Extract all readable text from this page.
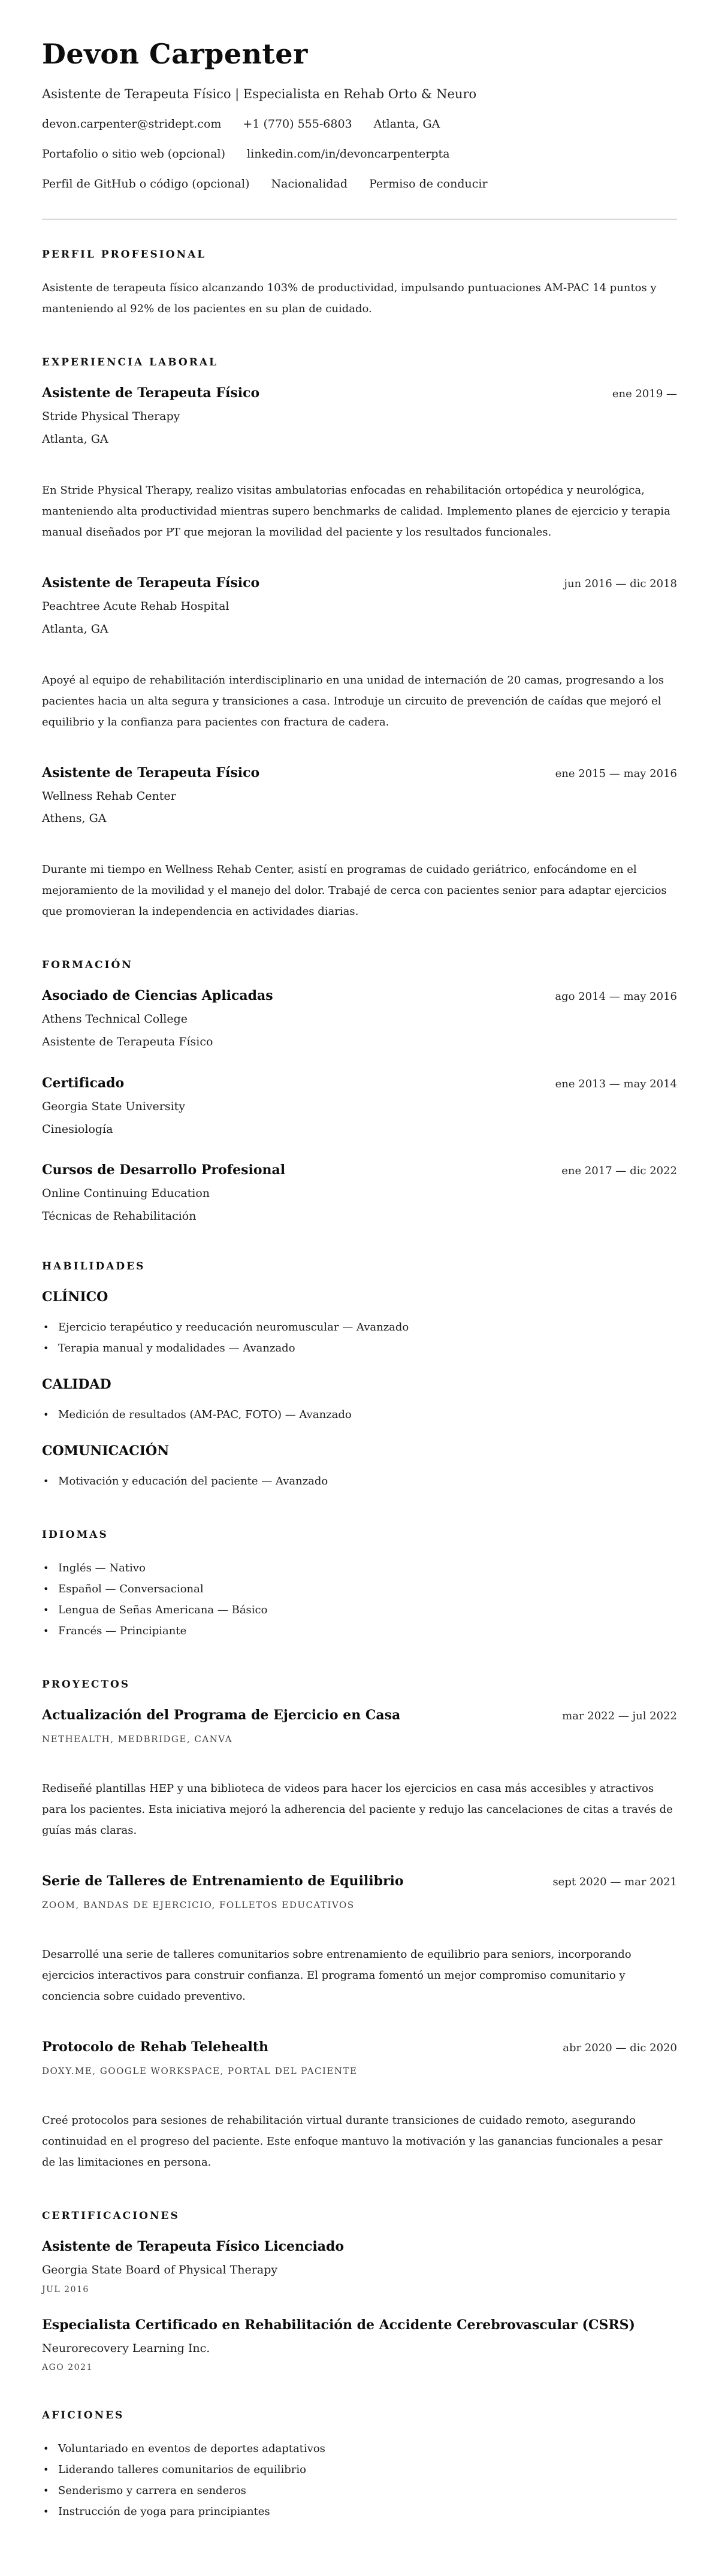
Devon Carpenter
Asistente de Terapeuta Físico | Especialista en Rehab Orto & Neuro
devon.carpenter@stridept.com +1 (770) 555-6803 Atlanta, GA
Portafolio o sitio web (opcional) linkedin.com/in/devoncarpenterpta
Perfil de GitHub o código (opcional) Nacionalidad Permiso de conducir
PERFIL PROFESIONAL

Asistente de terapeuta físico alcanzando 103% de productividad, impulsando puntuaciones AM-PAC 14 puntos y manteniendo al 92% de los pacientes en su plan de cuidado.

EXPERIENCIA LABORAL
Asistente de Terapeuta Físico	ene 2019 —
Stride Physical Therapy
Atlanta, GA

En Stride Physical Therapy, realizo visitas ambulatorias enfocadas en rehabilitación ortopédica y neurológica, manteniendo alta productividad mientras supero benchmarks de calidad. Implemento planes de ejercicio y terapia manual diseñados por PT que mejoran la movilidad del paciente y los resultados funcionales.

Asistente de Terapeuta Físico	jun 2016 — dic 2018
Peachtree Acute Rehab Hospital
Atlanta, GA

Apoyé al equipo de rehabilitación interdisciplinario en una unidad de internación de 20 camas, progresando a los pacientes hacia un alta segura y transiciones a casa. Introduje un circuito de prevención de caídas que mejoró el equilibrio y la confianza para pacientes con fractura de cadera.

Asistente de Terapeuta Físico	ene 2015 — may 2016
Wellness Rehab Center
Athens, GA

Durante mi tiempo en Wellness Rehab Center, asistí en programas de cuidado geriátrico, enfocándome en el mejoramiento de la movilidad y el manejo del dolor. Trabajé de cerca con pacientes senior para adaptar ejercicios que promovieran la independencia en actividades diarias.

FORMACIÓN
Asociado de Ciencias Aplicadas	ago 2014 — may 2016
Athens Technical College
Asistente de Terapeuta Físico
Certificado	ene 2013 — may 2014
Georgia State University
Cinesiología
Cursos de Desarrollo Profesional	ene 2017 — dic 2022
Online Continuing Education
Técnicas de Rehabilitación
HABILIDADES
CLÍNICO
• Ejercicio terapéutico y reeducación neuromuscular — Avanzado
• Terapia manual y modalidades — Avanzado
CALIDAD
• Medición de resultados (AM-PAC, FOTO) — Avanzado
COMUNICACIÓN
• Motivación y educación del paciente — Avanzado
IDIOMAS
• Inglés — Nativo
• Español — Conversacional
• Lengua de Señas Americana — Básico
• Francés — Principiante
PROYECTOS
Actualización del Programa de Ejercicio en Casa	mar 2022 — jul 2022
NETHEALTH, MEDBRIDGE, CANVA

Rediseñé plantillas HEP y una biblioteca de videos para hacer los ejercicios en casa más accesibles y atractivos para los pacientes. Esta iniciativa mejoró la adherencia del paciente y redujo las cancelaciones de citas a través de guías más claras.

Serie de Talleres de Entrenamiento de Equilibrio	sept 2020 — mar 2021
ZOOM, BANDAS DE EJERCICIO, FOLLETOS EDUCATIVOS

Desarrollé una serie de talleres comunitarios sobre entrenamiento de equilibrio para seniors, incorporando ejercicios interactivos para construir confianza. El programa fomentó un mejor compromiso comunitario y conciencia sobre cuidado preventivo.

Protocolo de Rehab Telehealth	abr 2020 — dic 2020
DOXY.ME, GOOGLE WORKSPACE, PORTAL DEL PACIENTE

Creé protocolos para sesiones de rehabilitación virtual durante transiciones de cuidado remoto, asegurando continuidad en el progreso del paciente. Este enfoque mantuvo la motivación y las ganancias funcionales a pesar de las limitaciones en persona.

CERTIFICACIONES
Asistente de Terapeuta Físico Licenciado
Georgia State Board of Physical Therapy
JUL 2016
Especialista Certificado en Rehabilitación de Accidente Cerebrovascular (CSRS)
Neurorecovery Learning Inc.
AGO 2021
AFICIONES
• Voluntariado en eventos de deportes adaptativos
• Liderando talleres comunitarios de equilibrio
• Senderismo y carrera en senderos
• Instrucción de yoga para principiantes
